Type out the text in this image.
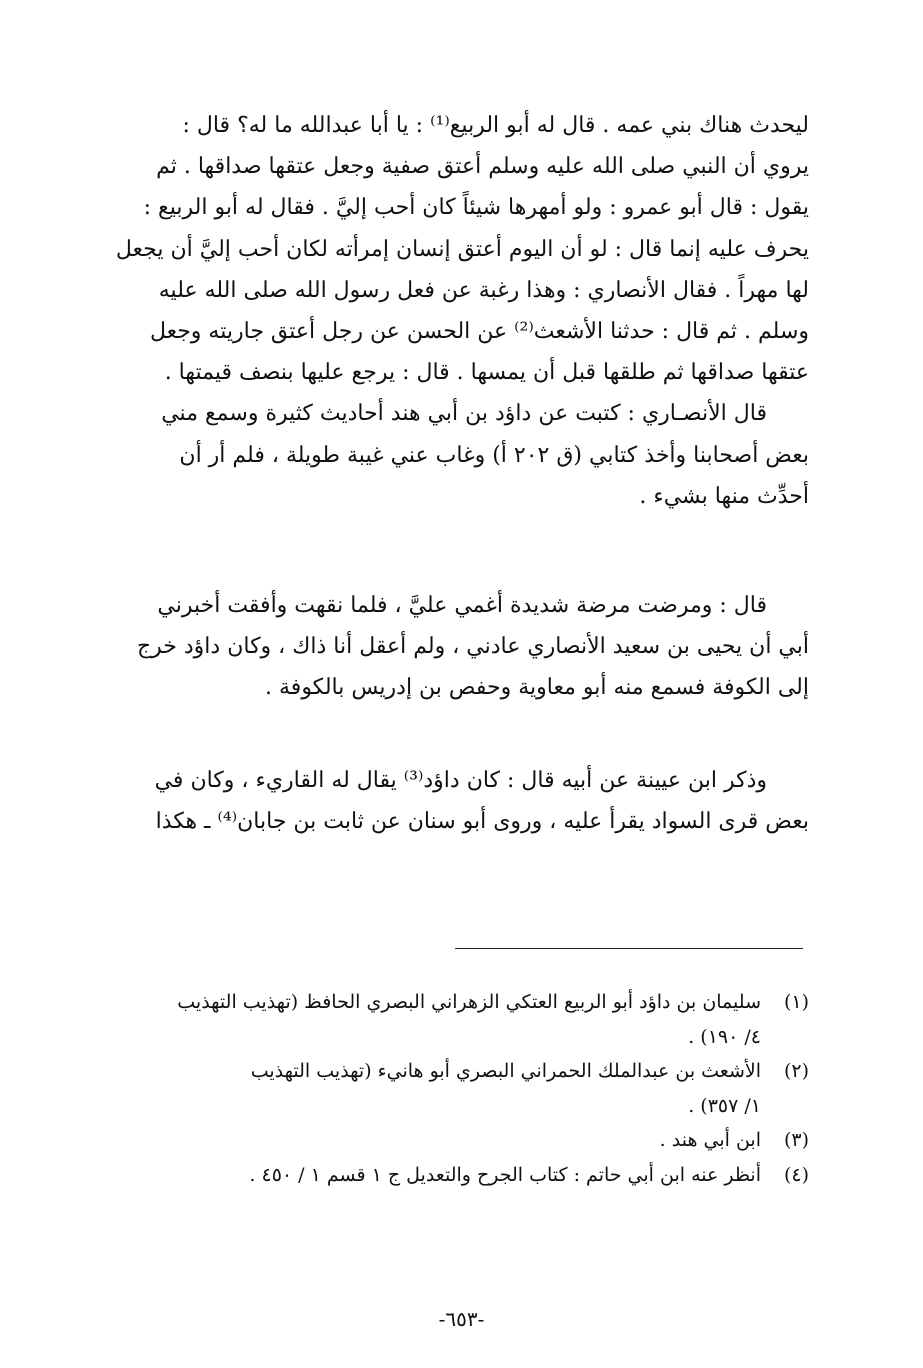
ليحدث هناك بني عمه . قال له أبو الربيع⁽¹⁾ : يا أبا عبدالله ما له؟ قال :
يروي أن النبي صلى الله عليه وسلم أعتق صفية وجعل عتقها صداقها . ثم
يقول : قال أبو عمرو : ولو أمهرها شيئاً كان أحب إليَّ . فقال له أبو الربيع :
يحرف عليه إنما قال : لو أن اليوم أعتق إنسان إمرأته لكان أحب إليَّ أن يجعل
لها مهراً . فقال الأنصاري : وهذا رغبة عن فعل رسول الله صلى الله عليه
وسلم . ثم قال : حدثنا الأشعث⁽²⁾ عن الحسن عن رجل أعتق جاريته وجعل
عتقها صداقها ثم طلقها قبل أن يمسها . قال : يرجع عليها بنصف قيمتها .
قال الأنصـاري : كتبت عن داؤد بن أبي هند أحاديث كثيرة وسمع مني
بعض أصحابنا وأخذ كتابي (ق ٢٠٢ أ) وغاب عني غيبة طويلة ، فلم أر أن
أحدِّث منها بشيء .
قال : ومرضت مرضة شديدة أغمي عليَّ ، فلما نقهت وأفقت أخبرني
أبي أن يحيى بن سعيد الأنصاري عادني ، ولم أعقل أنا ذاك ، وكان داؤد خرج
إلى الكوفة فسمع منه أبو معاوية وحفص بن إدريس بالكوفة .
وذكر ابن عيينة عن أبيه قال : كان داؤد⁽³⁾ يقال له القاريء ، وكان في
بعض قرى السواد يقرأ عليه ، وروى أبو سنان عن ثابت بن جابان⁽⁴⁾ ـ هكذا
(١)
سليمان بن داؤد أبو الربيع العتكي الزهراني البصري الحافظ (تهذيب التهذيب
٤/ ١٩٠) .
(٢)
الأشعث بن عبدالملك الحمراني البصري أبو هانيء (تهذيب التهذيب
١/ ٣٥٧) .
(٣)
ابن أبي هند .
(٤)
أنظر عنه ابن أبي حاتم : كتاب الجرح والتعديل ج ١ قسم ١ / ٤٥٠ .
-٦٥٣-
